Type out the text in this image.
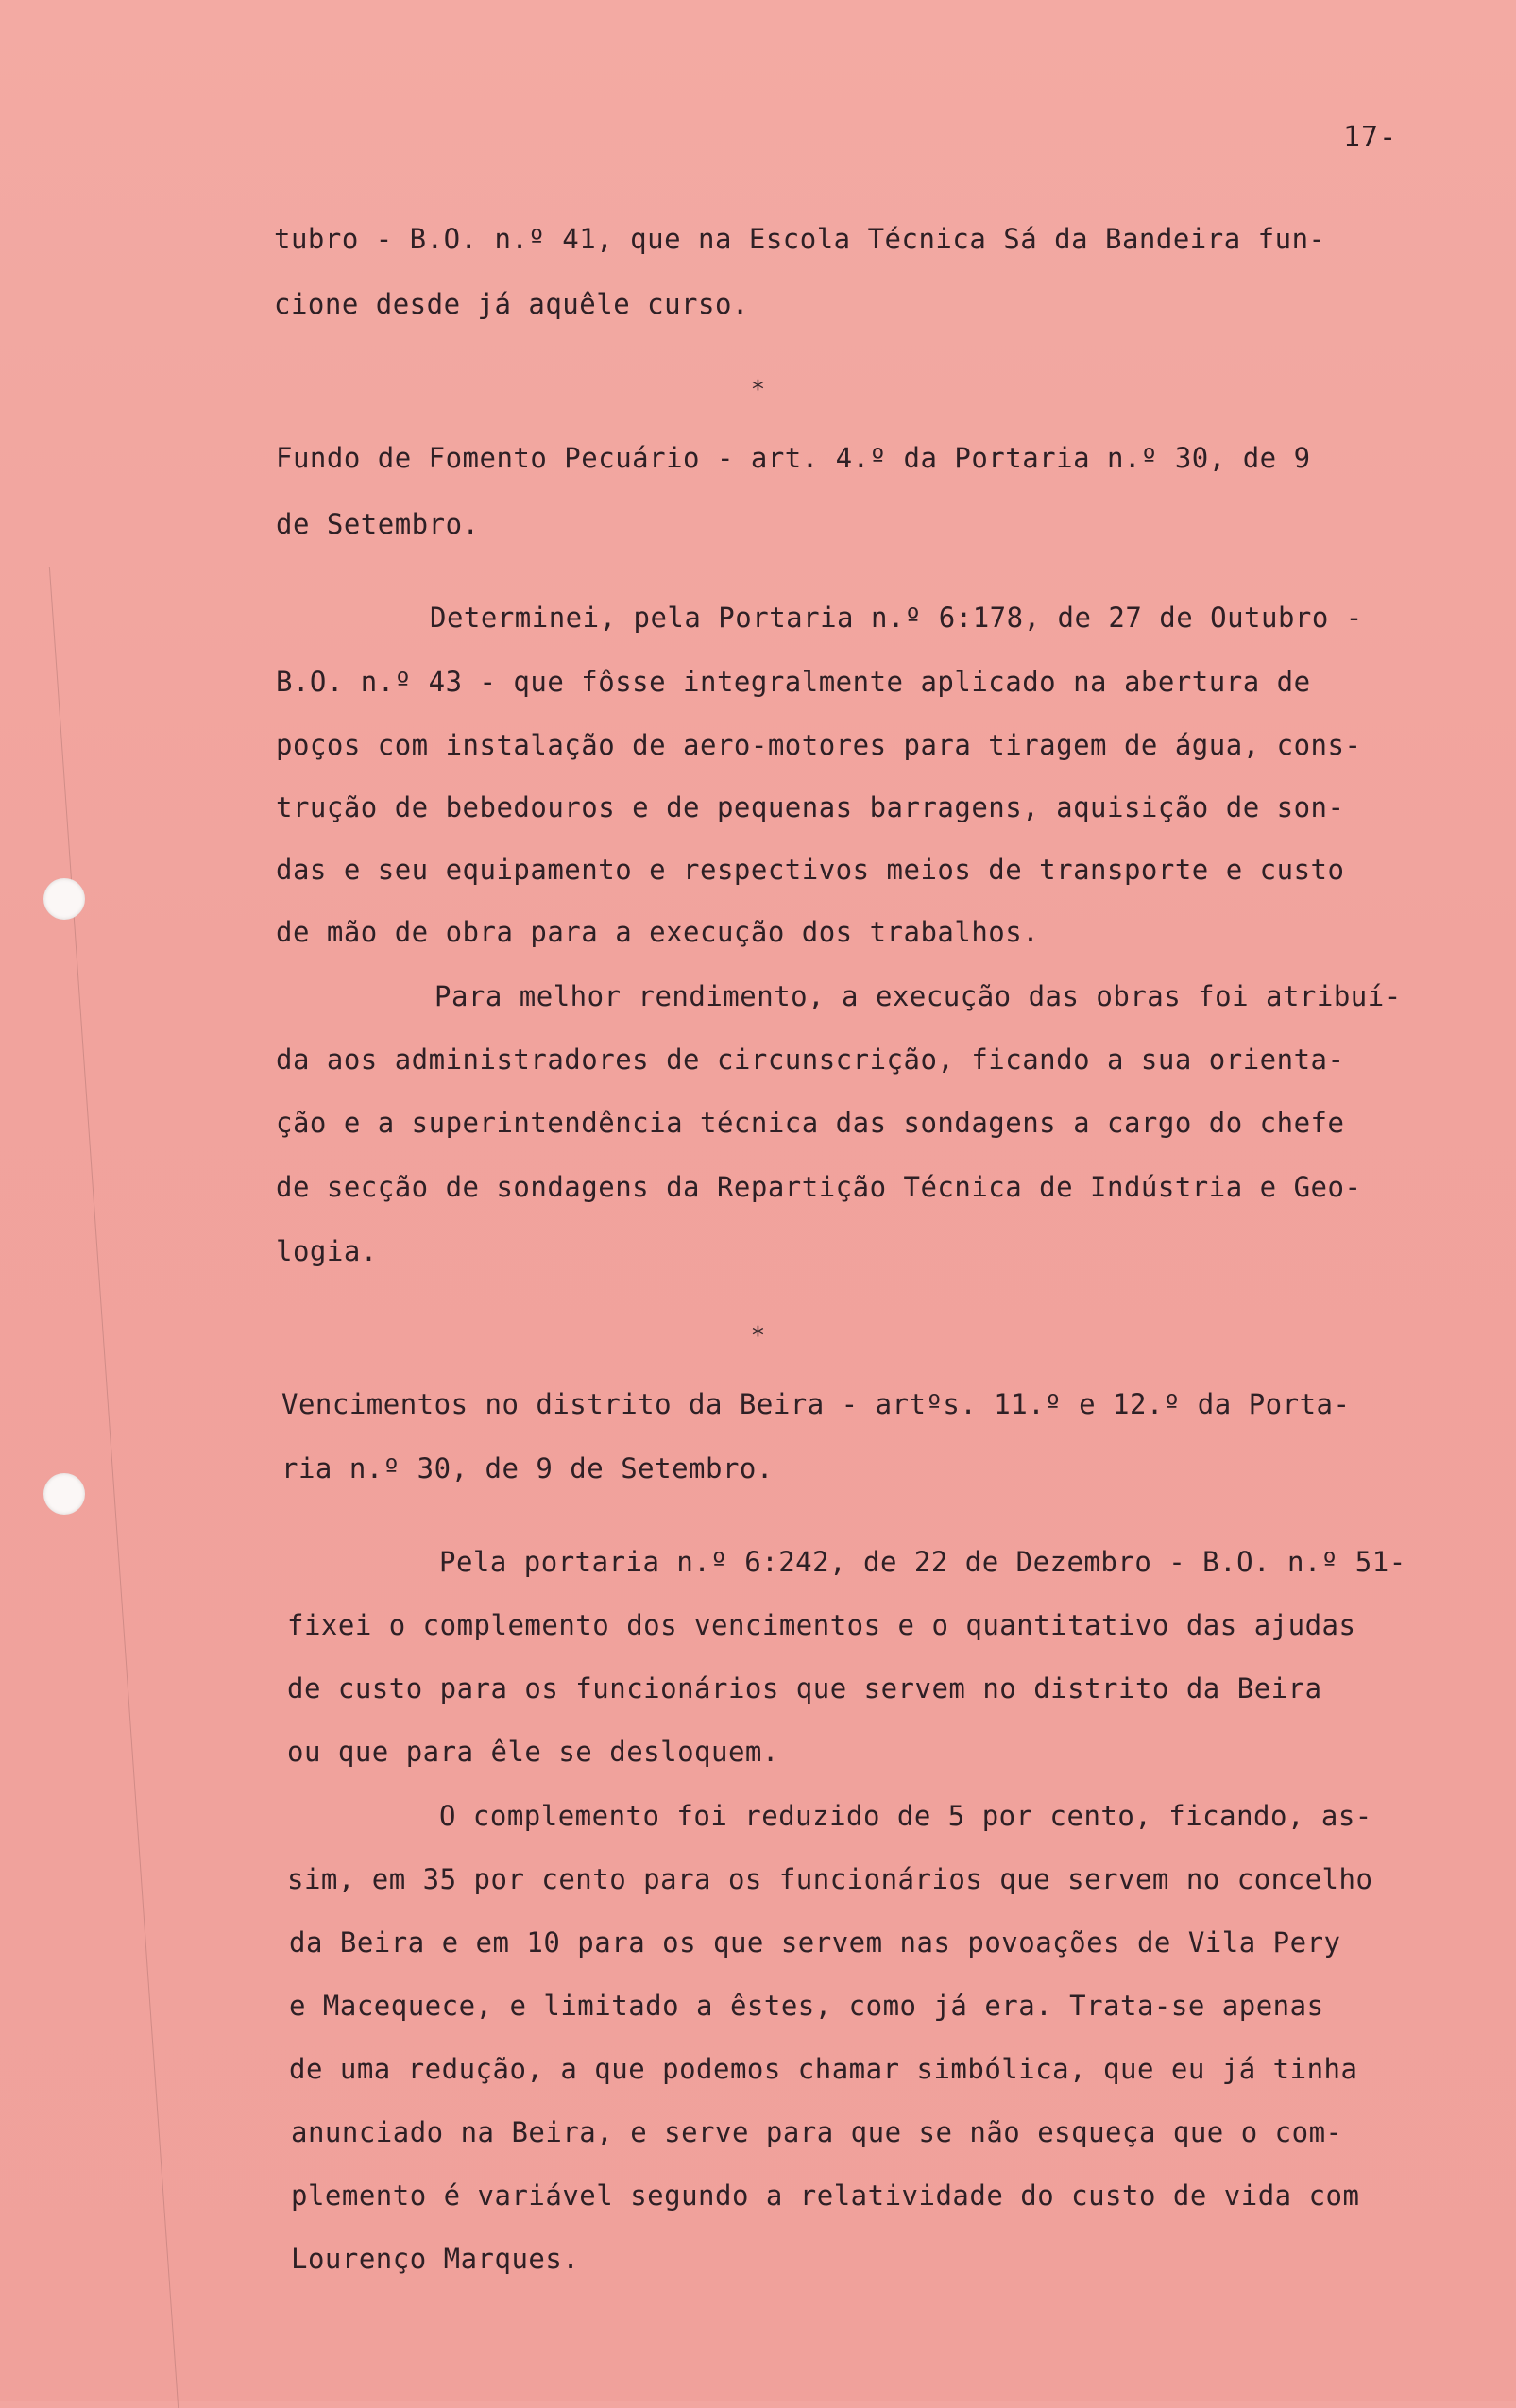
17-
tubro - B.O. n.º 41, que na Escola Técnica Sá da Bandeira fun-
cione desde já aquêle curso.
*
Fundo de Fomento Pecuário - art. 4.º da Portaria n.º 30, de 9
de Setembro.
Determinei, pela Portaria n.º 6:178, de 27 de Outubro -
B.O. n.º 43 - que fôsse integralmente aplicado na abertura de
poços com instalação de aero-motores para tiragem de água, cons-
trução de bebedouros e de pequenas barragens, aquisição de son-
das e seu equipamento e respectivos meios de transporte e custo
de mão de obra para a execução dos trabalhos.
Para melhor rendimento, a execução das obras foi atribuí-
da aos administradores de circunscrição, ficando a sua orienta-
ção e a superintendência técnica das sondagens a cargo do chefe
de secção de sondagens da Repartição Técnica de Indústria e Geo-
logia.
*
Vencimentos no distrito da Beira - artºs. 11.º e 12.º da Porta-
ria n.º 30, de 9 de Setembro.
Pela portaria n.º 6:242, de 22 de Dezembro - B.O. n.º 51-
fixei o complemento dos vencimentos e o quantitativo das ajudas
de custo para os funcionários que servem no distrito da Beira
ou que para êle se desloquem.
O complemento foi reduzido de 5 por cento, ficando, as-
sim, em 35 por cento para os funcionários que servem no concelho
da Beira e em 10 para os que servem nas povoações de Vila Pery
e Macequece, e limitado a êstes, como já era. Trata-se apenas
de uma redução, a que podemos chamar simbólica, que eu já tinha
anunciado na Beira, e serve para que se não esqueça que o com-
plemento é variável segundo a relatividade do custo de vida com
Lourenço Marques.
